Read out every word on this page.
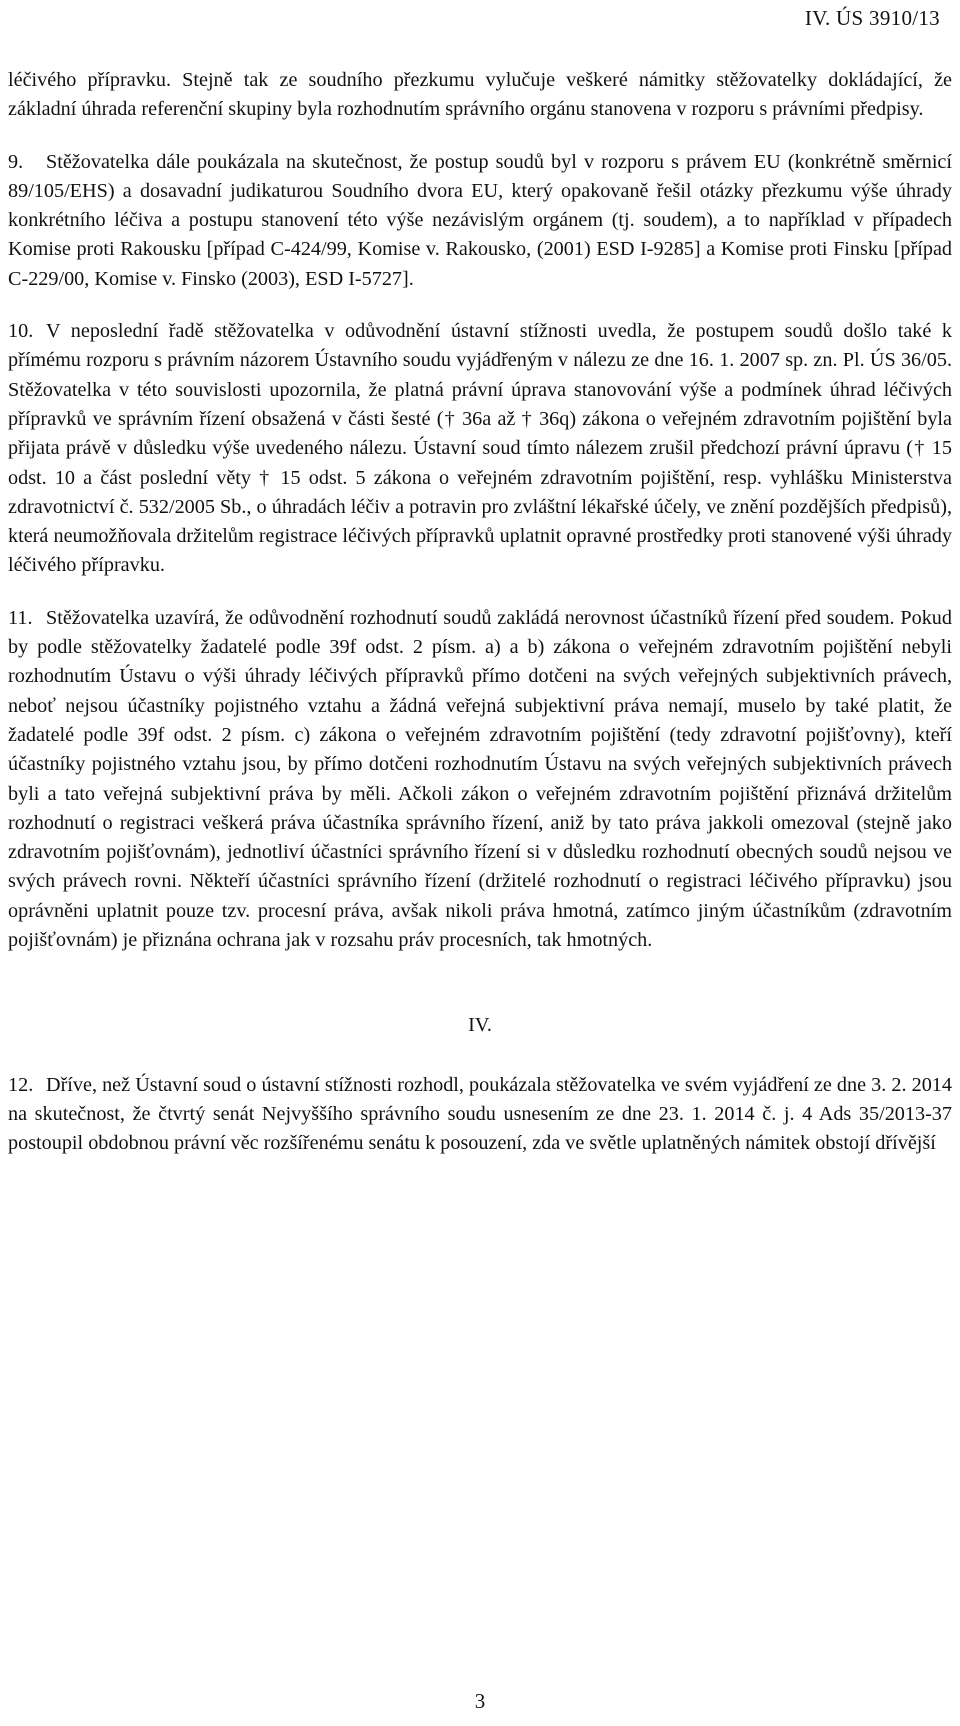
IV. ÚS 3910/13

léčivého přípravku. Stejně tak ze soudního přezkumu vylučuje veškeré námitky stěžovatelky dokládající, že základní úhrada referenční skupiny byla rozhodnutím správního orgánu stanovena v rozporu s právními předpisy.

9. Stěžovatelka dále poukázala na skutečnost, že postup soudů byl v rozporu s právem EU (konkrétně směrnicí 89/105/EHS) a dosavadní judikaturou Soudního dvora EU, který opakovaně řešil otázky přezkumu výše úhrady konkrétního léčiva a postupu stanovení této výše nezávislým orgánem (tj. soudem), a to například v případech Komise proti Rakousku [případ C-424/99, Komise v. Rakousko, (2001) ESD I-9285] a Komise proti Finsku [případ C-229/00, Komise v. Finsko (2003), ESD I-5727].

10. V neposlední řadě stěžovatelka v odůvodnění ústavní stížnosti uvedla, že postupem soudů došlo také k přímému rozporu s právním názorem Ústavního soudu vyjádřeným v nálezu ze dne 16. 1. 2007 sp. zn. Pl. ÚS 36/05. Stěžovatelka v této souvislosti upozornila, že platná právní úprava stanovování výše a podmínek úhrad léčivých přípravků ve správním řízení obsažená v části šesté († 36a až † 36q) zákona o veřejném zdravotním pojištění byla přijata právě v důsledku výše uvedeného nálezu. Ústavní soud tímto nálezem zrušil předchozí právní úpravu († 15 odst. 10 a část poslední věty † 15 odst. 5 zákona o veřejném zdravotním pojištění, resp. vyhlášku Ministerstva zdravotnictví č. 532/2005 Sb., o úhradách léčiv a potravin pro zvláštní lékařské účely, ve znění pozdějších předpisů), která neumožňovala držitelům registrace léčivých přípravků uplatnit opravné prostředky proti stanovené výši úhrady léčivého přípravku.

11. Stěžovatelka uzavírá, že odůvodnění rozhodnutí soudů zakládá nerovnost účastníků řízení před soudem. Pokud by podle stěžovatelky žadatelé podle 39f odst. 2 písm. a) a b) zákona o veřejném zdravotním pojištění nebyli rozhodnutím Ústavu o výši úhrady léčivých přípravků přímo dotčeni na svých veřejných subjektivních právech, neboť nejsou účastníky pojistného vztahu a žádná veřejná subjektivní práva nemají, muselo by také platit, že žadatelé podle 39f odst. 2 písm. c) zákona o veřejném zdravotním pojištění (tedy zdravotní pojišťovny), kteří účastníky pojistného vztahu jsou, by přímo dotčeni rozhodnutím Ústavu na svých veřejných subjektivních právech byli a tato veřejná subjektivní práva by měli. Ačkoli zákon o veřejném zdravotním pojištění přiznává držitelům rozhodnutí o registraci veškerá práva účastníka správního řízení, aniž by tato práva jakkoli omezoval (stejně jako zdravotním pojišťovnám), jednotliví účastníci správního řízení si v důsledku rozhodnutí obecných soudů nejsou ve svých právech rovni. Někteří účastníci správního řízení (držitelé rozhodnutí o registraci léčivého přípravku) jsou oprávněni uplatnit pouze tzv. procesní práva, avšak nikoli práva hmotná, zatímco jiným účastníkům (zdravotním pojišťovnám) je přiznána ochrana jak v rozsahu práv procesních, tak hmotných.

IV.

12. Dříve, než Ústavní soud o ústavní stížnosti rozhodl, poukázala stěžovatelka ve svém vyjádření ze dne 3. 2. 2014 na skutečnost, že čtvrtý senát Nejvyššího správního soudu usnesením ze dne 23. 1. 2014 č. j. 4 Ads 35/2013-37 postoupil obdobnou právní věc rozšířenému senátu k posouzení, zda ve světle uplatněných námitek obstojí dřívější

3
